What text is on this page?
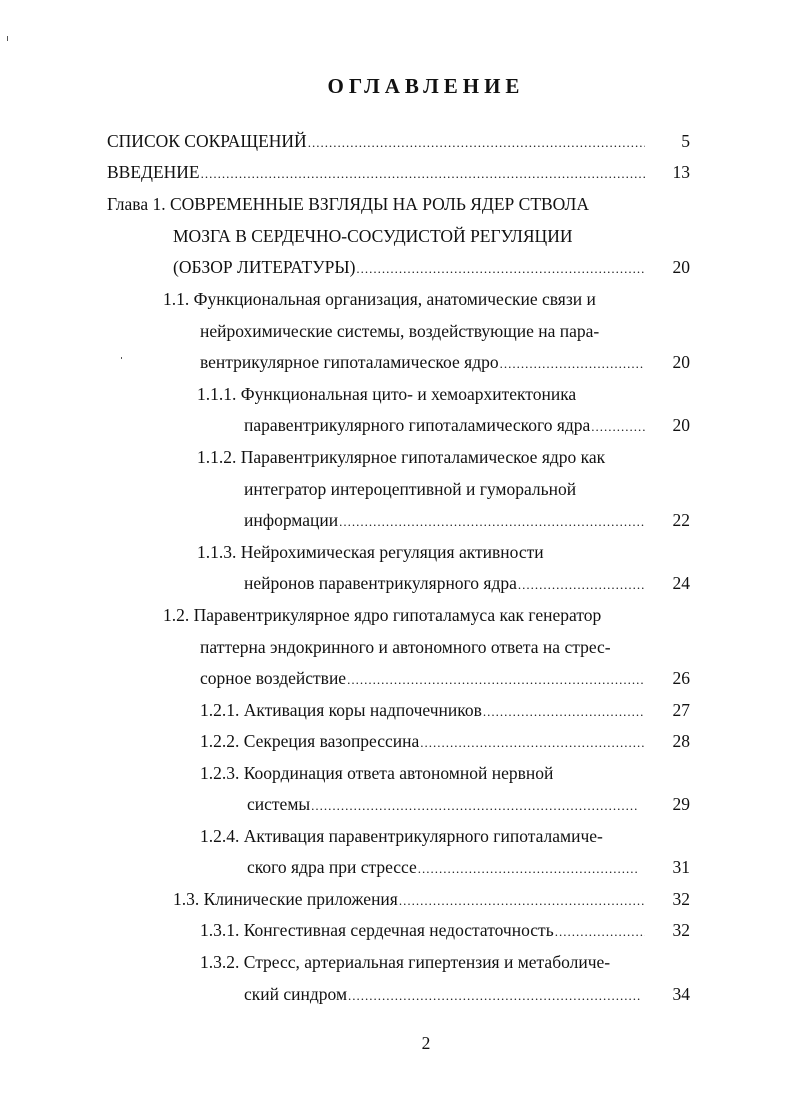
ОГЛАВЛЕНИЕ
СПИСОК СОКРАЩЕНИЙ .....	5
ВВЕДЕНИЕ .....	13
Глава 1. СОВРЕМЕННЫЕ ВЗГЛЯДЫ НА РОЛЬ ЯДЕР СТВОЛА
МОЗГА В СЕРДЕЧНО-СОСУДИСТОЙ РЕГУЛЯЦИИ
(ОБЗОР ЛИТЕРАТУРЫ) .....	20
1.1. Функциональная организация, анатомические связи и
нейрохимические системы, воздействующие на пара-
вентрикулярное гипоталамическое ядро .....	20
1.1.1. Функциональная цито- и хемоархитектоника
паравентрикулярного гипоталамического ядра .....	20
1.1.2. Паравентрикулярное гипоталамическое ядро как
интегратор интероцептивной и гуморальной
информации .....	22
1.1.3. Нейрохимическая регуляция активности
нейронов паравентрикулярного ядра .....	24
1.2. Паравентрикулярное ядро гипоталамуса как генератор
паттерна эндокринного и автономного ответа на стрес-
сорное воздействие .....	26
1.2.1. Активация коры надпочечников .....	27
1.2.2. Секреция вазопрессина .....	28
1.2.3. Координация ответа автономной нервной
системы .....	29
1.2.4. Активация паравентрикулярного гипоталамиче-
ского ядра при стрессе .....	31
1.3. Клинические приложения .....	32
1.3.1. Конгестивная сердечная недостаточность .....	32
1.3.2. Стресс, артериальная гипертензия и метаболиче-
ский синдром .....	34
2
